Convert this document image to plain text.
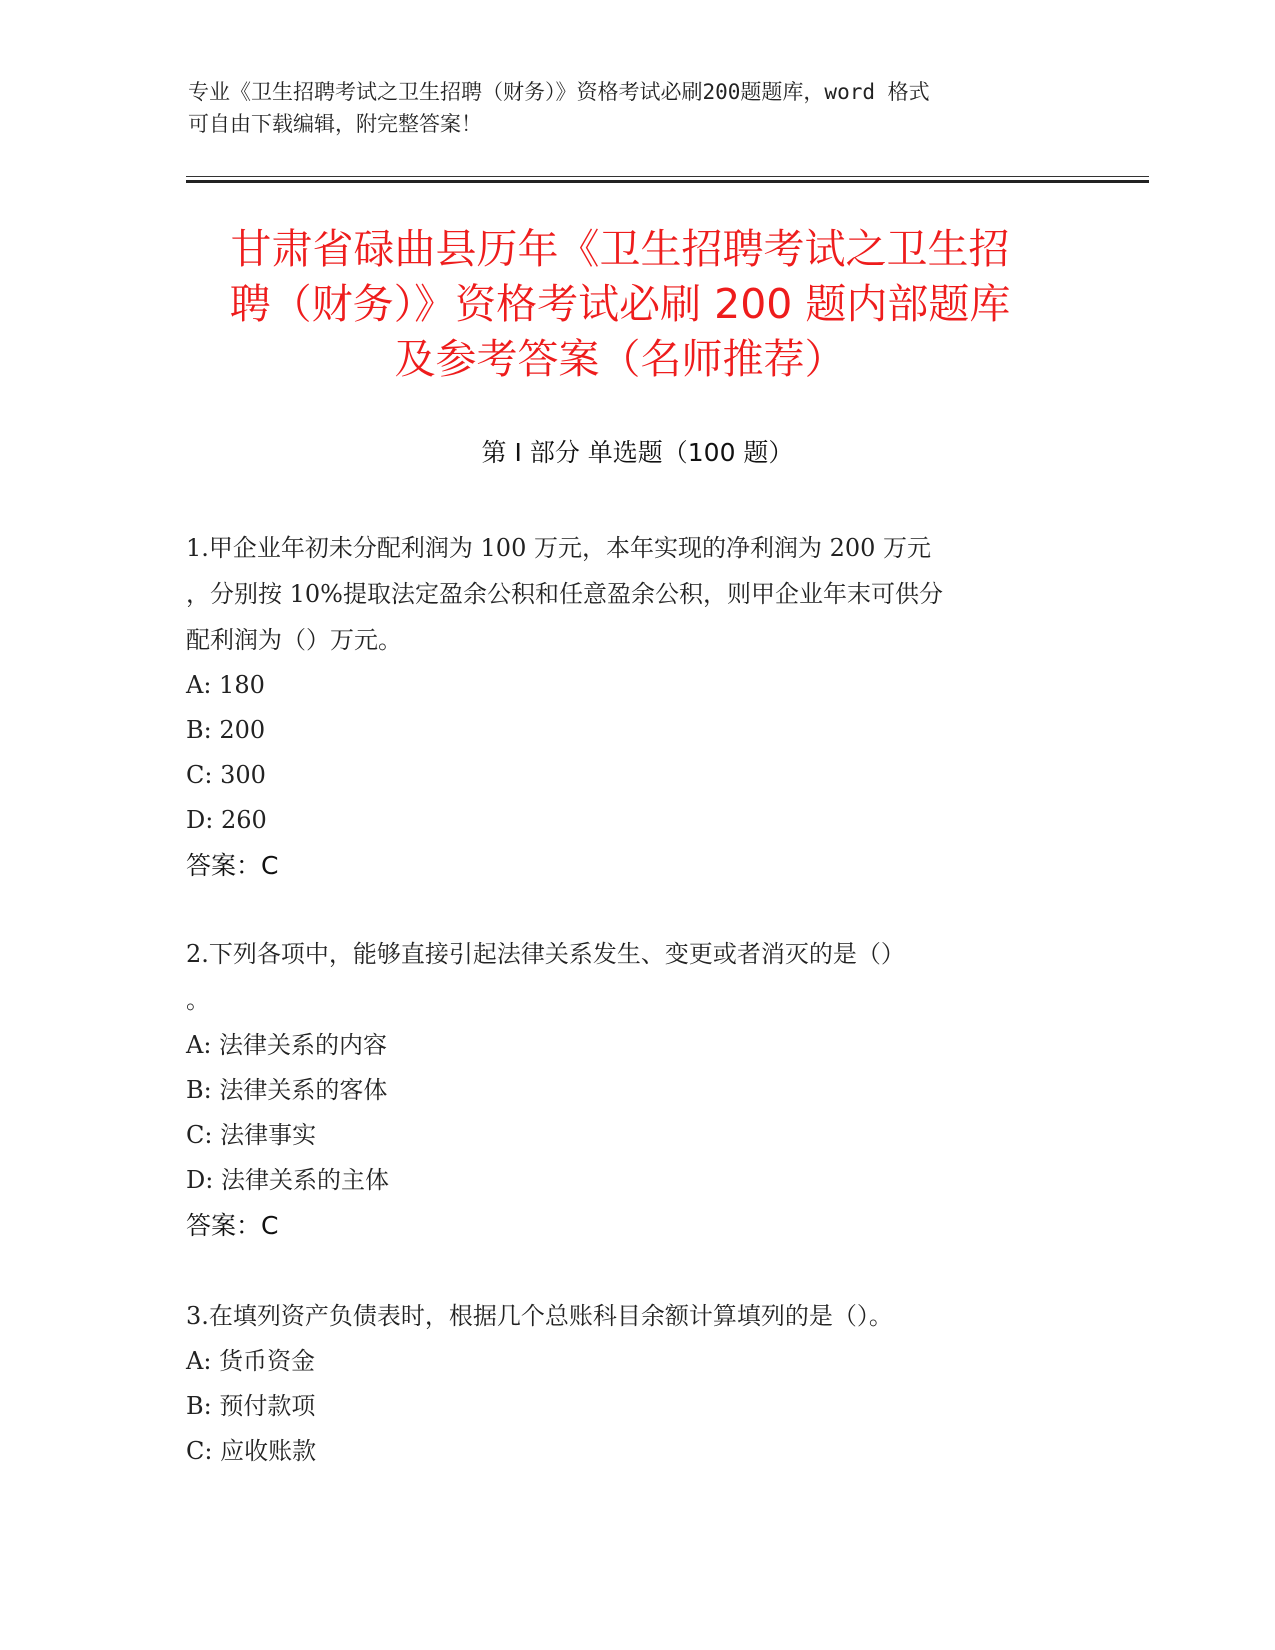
专业《卫生招聘考试之卫生招聘（财务）》资格考试必刷200题题库，word 格式
可自由下载编辑，附完整答案！
甘肃省碌曲县历年《卫生招聘考试之卫生招
聘（财务）》资格考试必刷 200 题内部题库
及参考答案（名师推荐）
第 I 部分 单选题（100 题）
1.甲企业年初未分配利润为 100 万元，本年实现的净利润为 200 万元
，分别按 10%提取法定盈余公积和任意盈余公积，则甲企业年末可供分
配利润为（）万元。
A: 180
B: 200
C: 300
D: 260
答案：C
2.下列各项中，能够直接引起法律关系发生、变更或者消灭的是（）
。
A: 法律关系的内容
B: 法律关系的客体
C: 法律事实
D: 法律关系的主体
答案：C
3.在填列资产负债表时，根据几个总账科目余额计算填列的是（）。
A: 货币资金
B: 预付款项
C: 应收账款
